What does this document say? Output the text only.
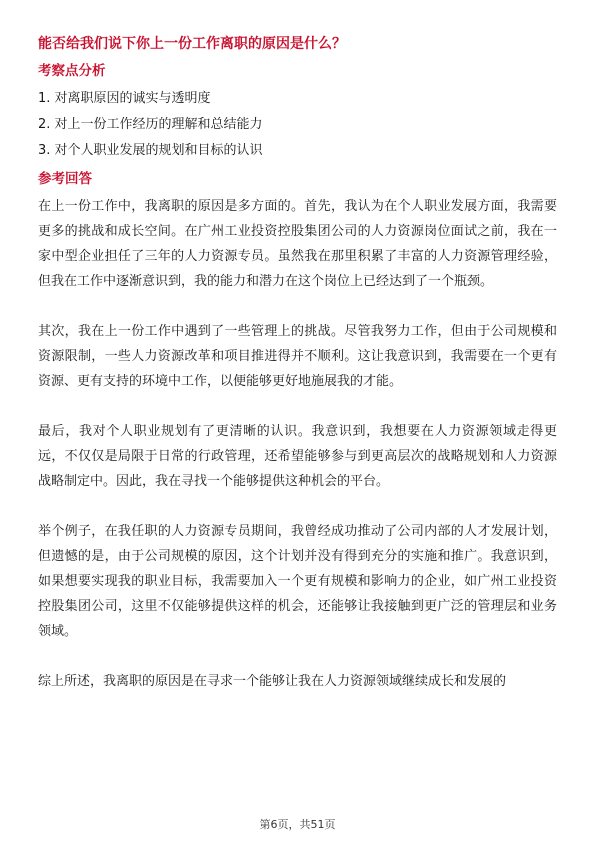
能否给我们说下你上一份工作离职的原因是什么？
考察点分析
1. 对离职原因的诚实与透明度
2. 对上一份工作经历的理解和总结能力
3. 对个人职业发展的规划和目标的认识
参考回答

在上一份工作中，我离职的原因是多方面的。首先，我认为在个人职业发展方面，我需要更多的挑战和成长空间。在广州工业投资控股集团公司的人力资源岗位面试之前，我在一家中型企业担任了三年的人力资源专员。虽然我在那里积累了丰富的人力资源管理经验，但我在工作中逐渐意识到，我的能力和潜力在这个岗位上已经达到了一个瓶颈。

其次，我在上一份工作中遇到了一些管理上的挑战。尽管我努力工作，但由于公司规模和资源限制，一些人力资源改革和项目推进得并不顺利。这让我意识到，我需要在一个更有资源、更有支持的环境中工作，以便能够更好地施展我的才能。

最后，我对个人职业规划有了更清晰的认识。我意识到，我想要在人力资源领域走得更远，不仅仅是局限于日常的行政管理，还希望能够参与到更高层次的战略规划和人力资源战略制定中。因此，我在寻找一个能够提供这种机会的平台。

举个例子，在我任职的人力资源专员期间，我曾经成功推动了公司内部的人才发展计划，但遗憾的是，由于公司规模的原因，这个计划并没有得到充分的实施和推广。我意识到，如果想要实现我的职业目标，我需要加入一个更有规模和影响力的企业，如广州工业投资控股集团公司，这里不仅能够提供这样的机会，还能够让我接触到更广泛的管理层和业务领域。

综上所述，我离职的原因是在寻求一个能够让我在人力资源领域继续成长和发展的

第6页，共51页
